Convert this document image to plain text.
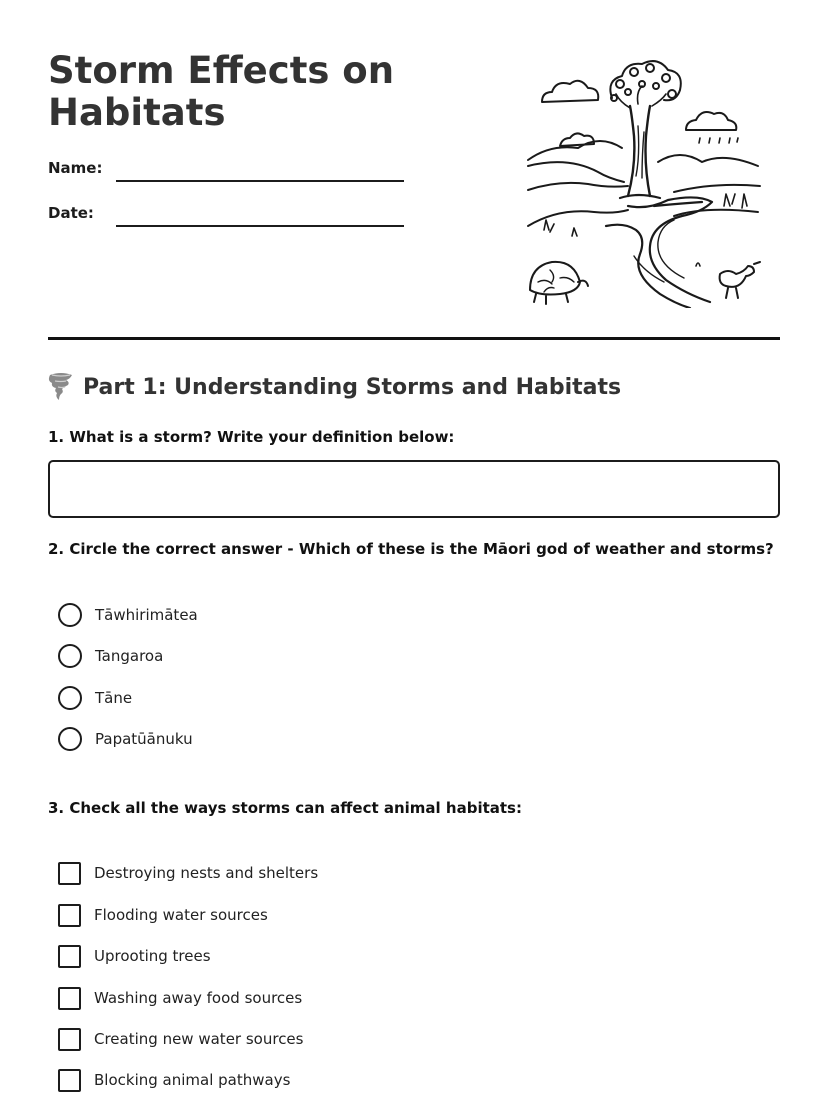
Storm Effects on Habitats
Name:
Date:
Part 1: Understanding Storms and Habitats

1. What is a storm? Write your definition below:

2. Circle the correct answer - Which of these is the Māori god of weather and storms?

Tāwhirimātea
Tangaroa
Tāne
Papatūānuku

3. Check all the ways storms can affect animal habitats:

Destroying nests and shelters
Flooding water sources
Uprooting trees
Washing away food sources
Creating new water sources
Blocking animal pathways
